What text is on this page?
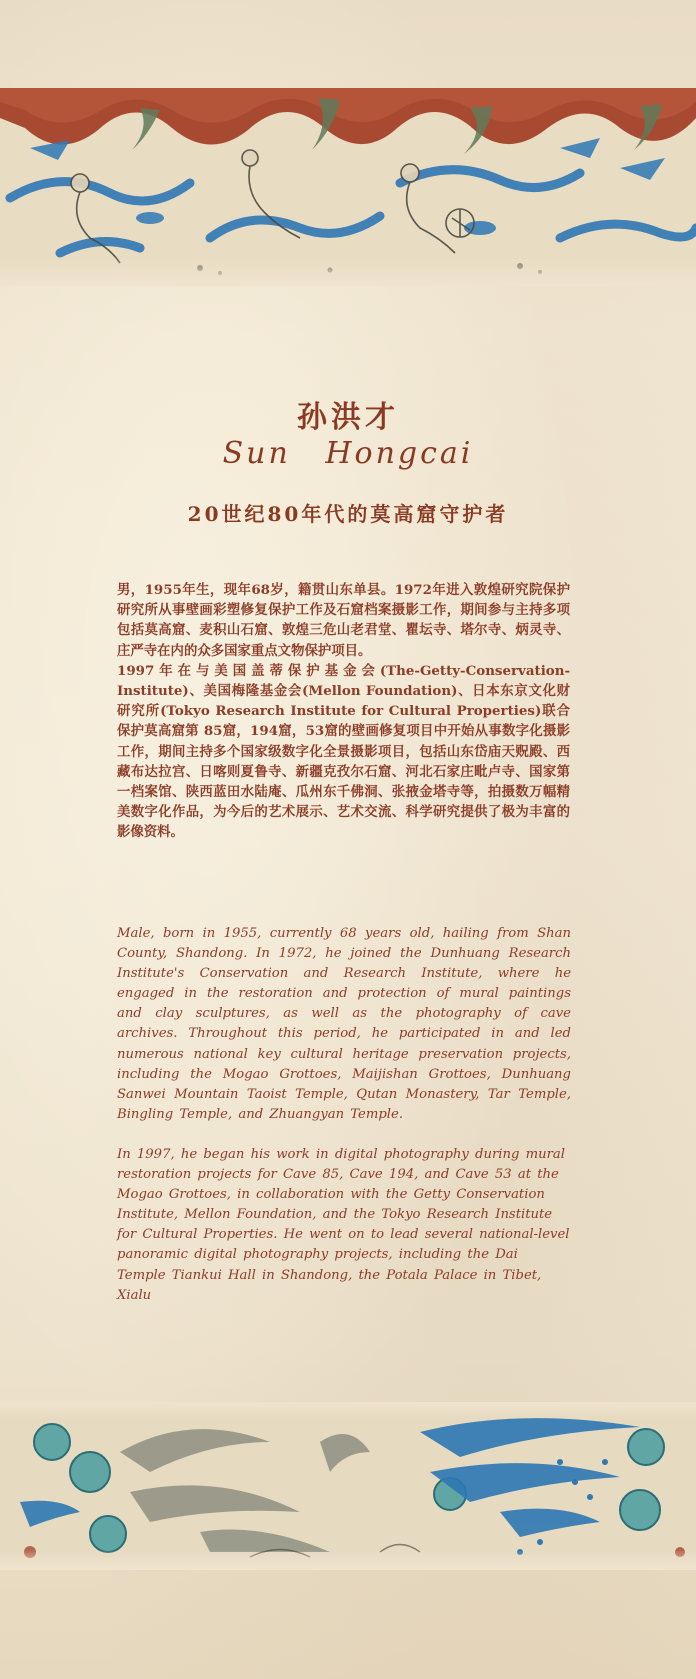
孙洪才
Sun Hongcai
20世纪80年代的莫高窟守护者

男，1955年生，现年68岁，籍贯山东单县。1972年进入敦煌研究院保护研究所从事壁画彩塑修复保护工作及石窟档案摄影工作，期间参与主持多项包括莫高窟、麦积山石窟、敦煌三危山老君堂、瞿坛寺、塔尔寺、炳灵寺、庄严寺在内的众多国家重点文物保护项目。

1997年在与美国盖蒂保护基金会(The-Getty-Conservation-Institute)、美国梅隆基金会(Mellon Foundation)、日本东京文化财研究所(Tokyo Research Institute for Cultural Properties)联合保护莫高窟第 85窟，194窟，53窟的壁画修复项目中开始从事数字化摄影工作，期间主持多个国家级数字化全景摄影项目，包括山东岱庙天贶殿、西藏布达拉宫、日喀则夏鲁寺、新疆克孜尔石窟、河北石家庄毗卢寺、国家第一档案馆、陕西蓝田水陆庵、瓜州东千佛洞、张掖金塔寺等，拍摄数万幅精美数字化作品，为今后的艺术展示、艺术交流、科学研究提供了极为丰富的影像资料。

Male, born in 1955, currently 68 years old, hailing from Shan County, Shandong. In 1972, he joined the Dunhuang Research Institute's Conservation and Research Institute, where he engaged in the restoration and protection of mural paintings and clay sculptures, as well as the photography of cave archives. Throughout this period, he participated in and led numerous national key cultural heritage preservation projects, including the Mogao Grottoes, Maijishan Grottoes, Dunhuang Sanwei Mountain Taoist Temple, Qutan Monastery, Tar Temple, Bingling Temple, and Zhuangyan Temple.

In 1997, he began his work in digital photography during mural restoration projects for Cave 85, Cave 194, and Cave 53 at the Mogao Grottoes, in collaboration with the Getty Conservation Institute, Mellon Foundation, and the Tokyo Research Institute for Cultural Properties. He went on to lead several national-level panoramic digital photography projects, including the Dai Temple Tiankui Hall in Shandong, the Potala Palace in Tibet, Xialu
